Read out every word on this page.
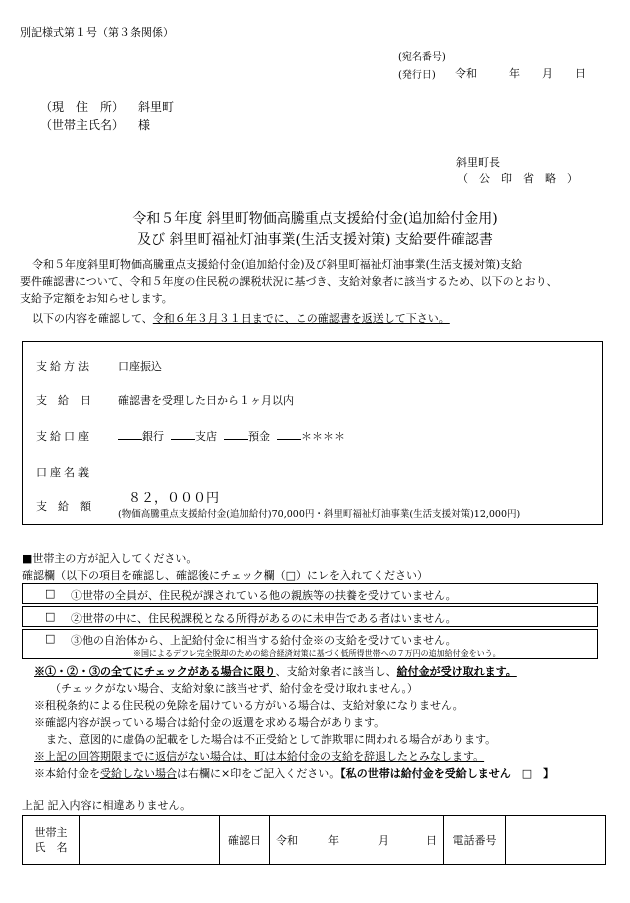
別記様式第１号（第３条関係）
(宛名番号)
(発行日) 令和	年 月 日
（現　住　所） 斜里町
（世帯主氏名） 様
斜里町長
（　公　印　省　略　）
令和５年度 斜里町物価高騰重点支援給付金(追加給付金用)
及び 斜里町福祉灯油事業(生活支援対策) 支給要件確認書
令和５年度斜里町物価高騰重点支援給付金(追加給付金)及び斜里町福祉灯油事業(生活支援対策)支給
要件確認書について、令和５年度の住民税の課税状況に基づき、支給対象者に該当するため、以下のとおり、
支給予定額をお知らせします。
以下の内容を確認して、令和６年３月３１日までに、この確認書を返送して下さい。
支給方法 口座振込
支　給　日 確認書を受理した日から１ヶ月以内
支給口座	銀行	支店	預金	＊＊＊＊
口座名義
支　給　額
８２，０００円
(物価高騰重点支援給付金(追加給付)70,000円・斜里町福祉灯油事業(生活支援対策)12,000円)
■世帯主の方が記入してください。
確認欄（以下の項目を確認し、確認後にチェック欄（□）にレを入れてください）
□ ①世帯の全員が、住民税が課されている他の親族等の扶養を受けていません。
□ ②世帯の中に、住民税課税となる所得があるのに未申告である者はいません。
□ ③他の自治体から、上記給付金に相当する給付金※の支給を受けていません。
※国によるデフレ完全脱却のための総合経済対策に基づく低所得世帯への７万円の追加給付金をいう。
※①・②・③の全てにチェックがある場合に限り、支給対象者に該当し、給付金が受け取れます。
（チェックがない場合、支給対象に該当せず、給付金を受け取れません。）
※租税条約による住民税の免除を届けている方がいる場合は、支給対象になりません。
※確認内容が誤っている場合は給付金の返還を求める場合があります。
また、意図的に虚偽の記載をした場合は不正受給として詐欺罪に問われる場合があります。
※上記の回答期限までに返信がない場合は、町は本給付金の支給を辞退したとみなします。
※本給付金を受給しない場合は右欄に×印をご記入ください。【私の世帯は給付金を受給しません　□　】
上記 記入内容に相違ありません。
世帯主
氏　名
確認日	令和	年	月	日	電話番号
